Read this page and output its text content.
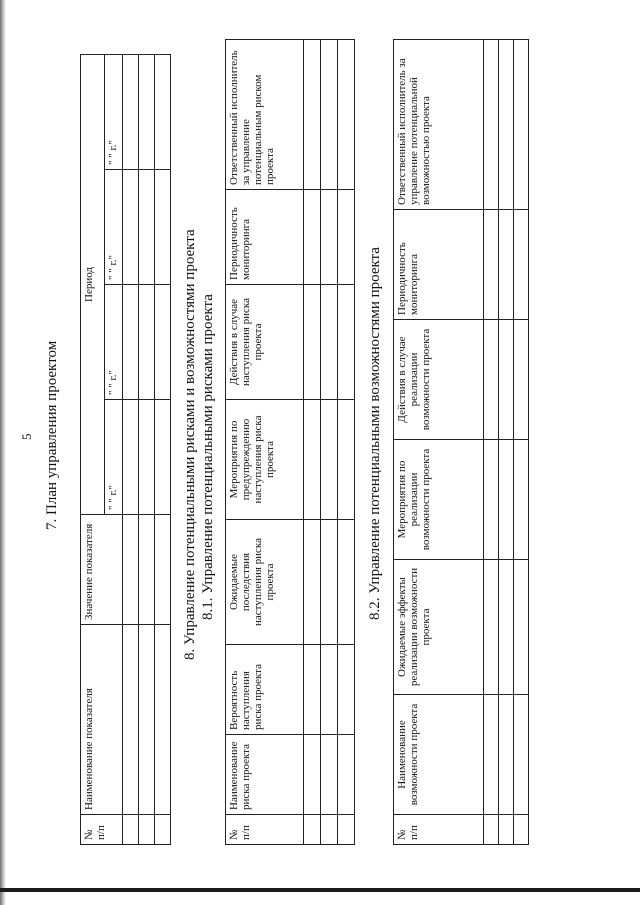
5 7. План управления проектом
№ п/п	Наименование показателя	Значение показателя	Период			
			" " г."	" " г."	" " г."	" " г."

8. Управление потенциальными рисками и возможностями проекта 8.1. Управление потенциальными рисками проекта
№ п/п	Наименование риска проекта	Вероятность наступления риска проекта	Ожидаемые последствия наступления риска проекта	Мероприятия по предупреждению наступления риска проекта	Действия в случае наступления риска проекта	Периодичность мониторинга	Ответственный исполнитель за управление потенциальным риском проекта

8.2. Управление потенциальными возможностями проекта
№ п/п	Наименование возможности проекта	Ожидаемые эффекты реализации возможности проекта	Мероприятия по реализации возможности проекта	Действия в случае реализации возможности проекта	Периодичность мониторинга	Ответственный исполнитель за управление потенциальной возможностью проекта
